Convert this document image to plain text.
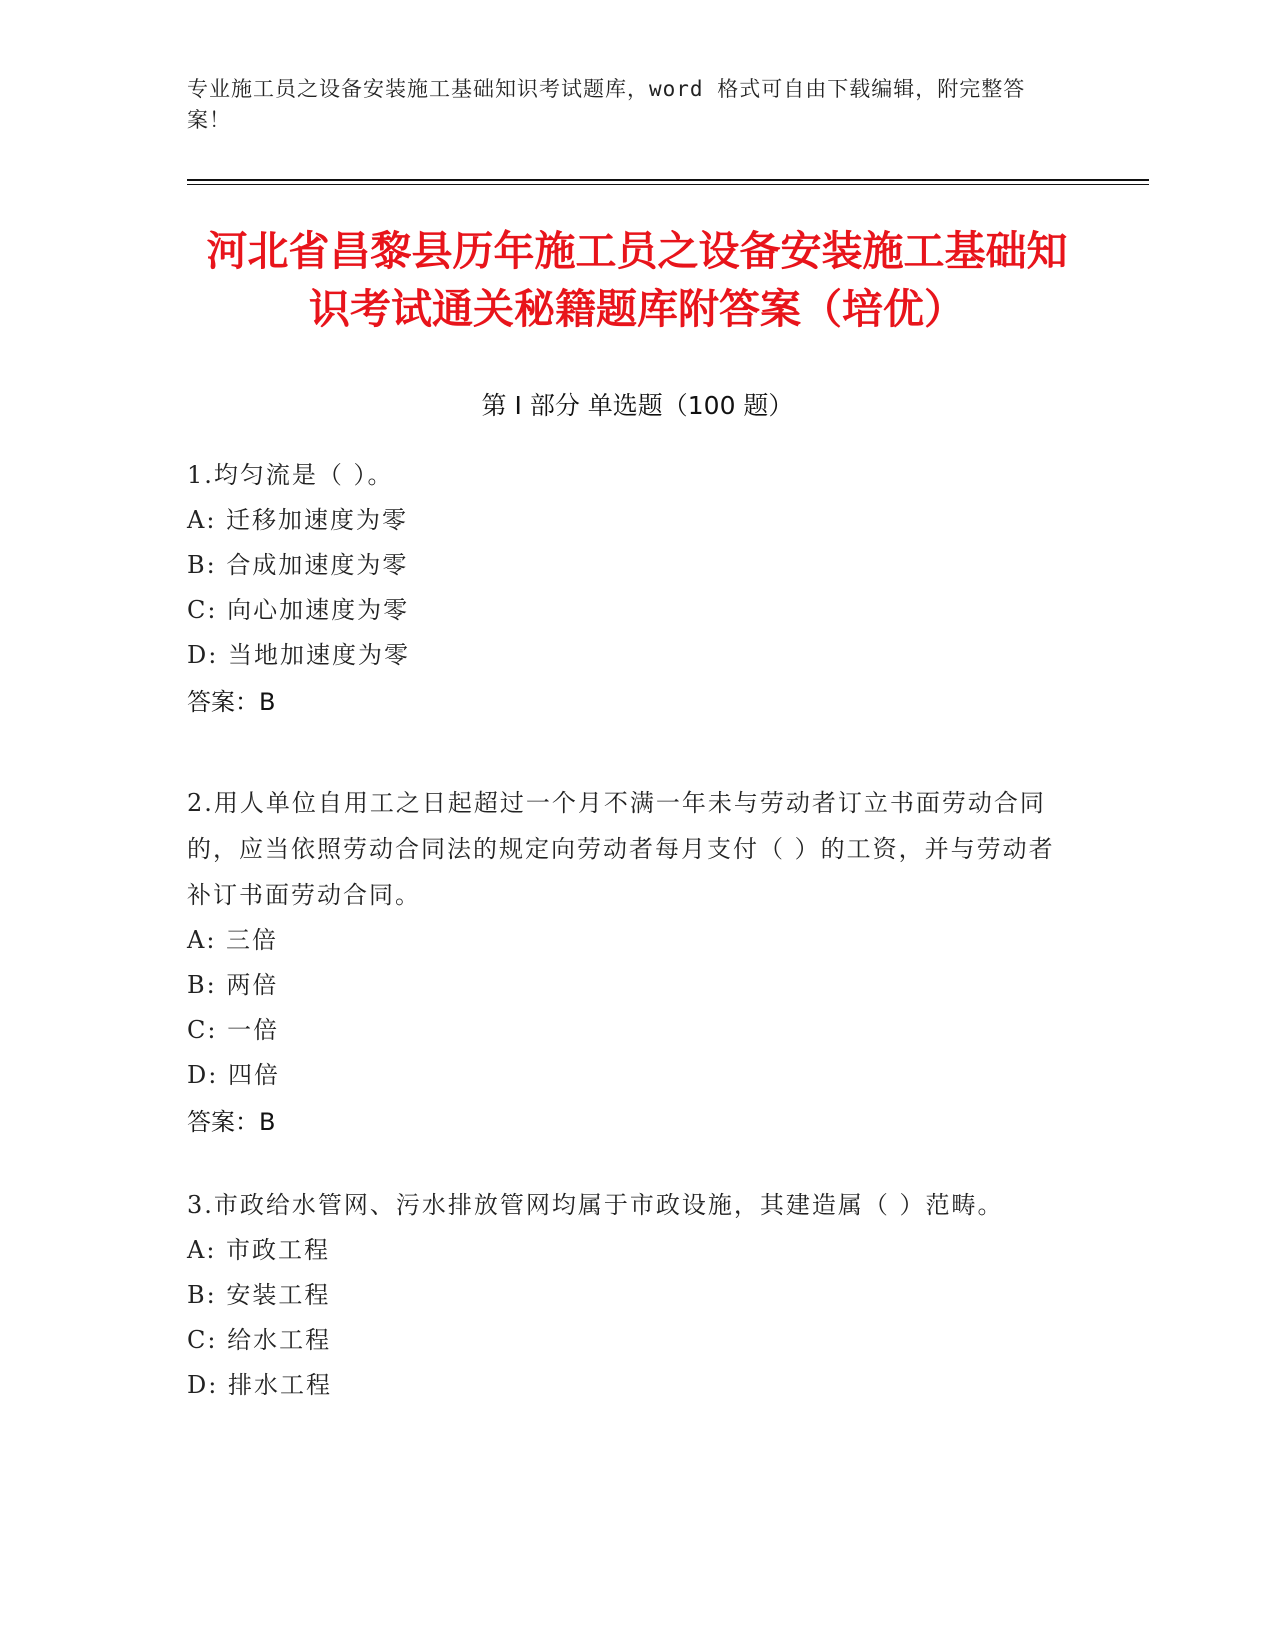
专业施工员之设备安装施工基础知识考试题库，word 格式可自由下载编辑，附完整答案！
河北省昌黎县历年施工员之设备安装施工基础知识考试通关秘籍题库附答案（培优）
第 I 部分 单选题（100 题）

1.均匀流是（ ）。

A: 迁移加速度为零

B: 合成加速度为零

C: 向心加速度为零

D: 当地加速度为零

答案：B

2.用人单位自用工之日起超过一个月不满一年未与劳动者订立书面劳动合同的，应当依照劳动合同法的规定向劳动者每月支付（ ）的工资，并与劳动者补订书面劳动合同。

A: 三倍

B: 两倍

C: 一倍

D: 四倍

答案：B

3.市政给水管网、污水排放管网均属于市政设施，其建造属（ ）范畴。

A: 市政工程

B: 安装工程

C: 给水工程

D: 排水工程
